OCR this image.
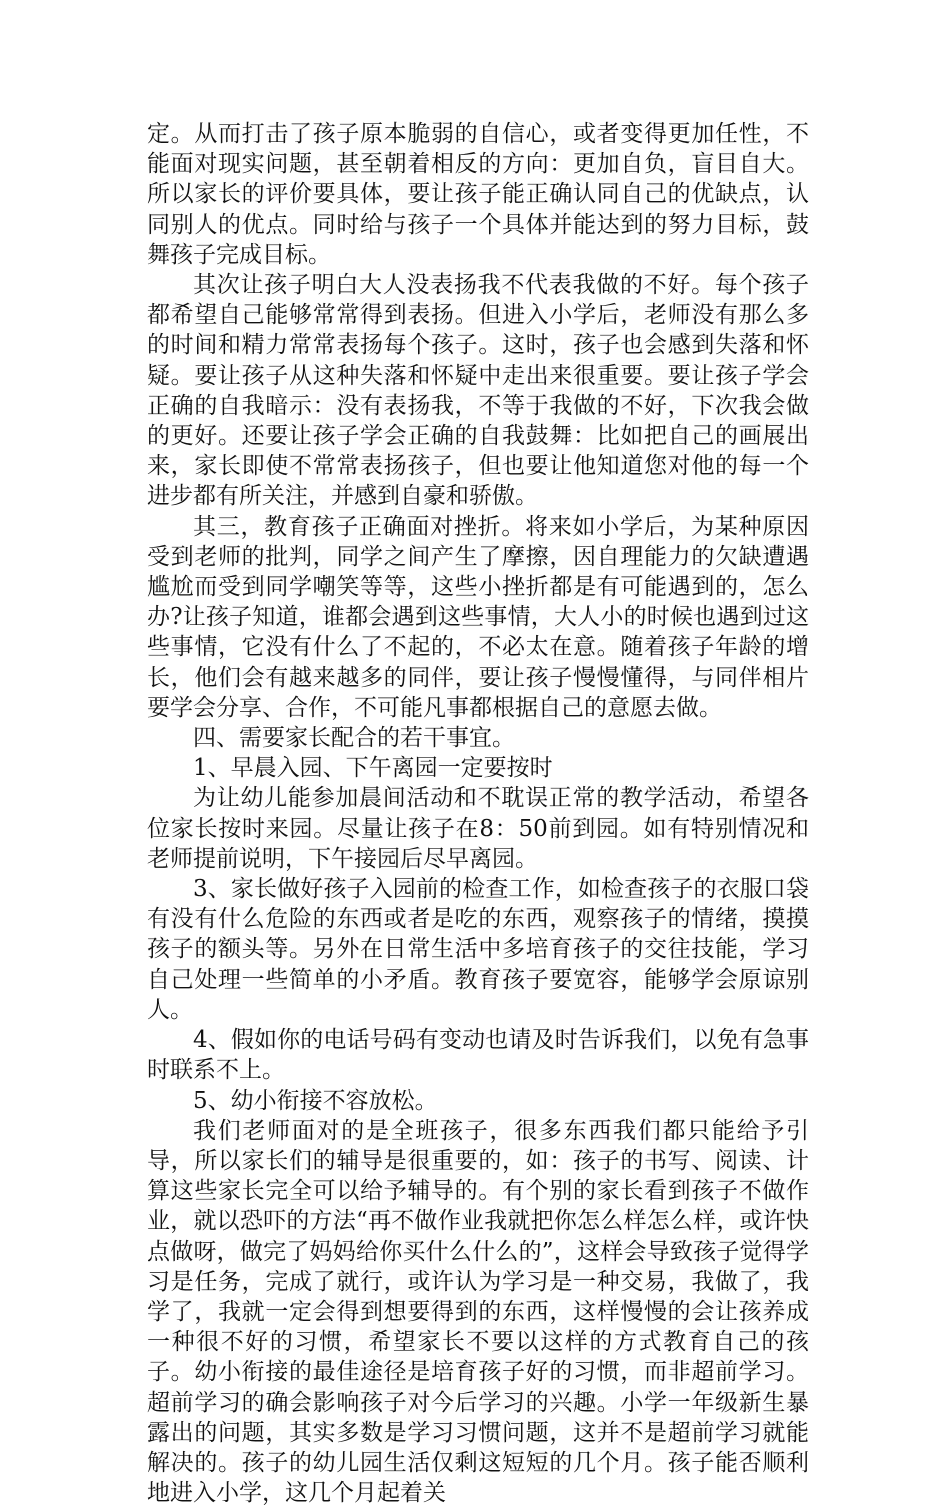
定。从而打击了孩子原本脆弱的自信心，或者变得更加任性，不能面对现实问题，甚至朝着相反的方向：更加自负，盲目自大。所以家长的评价要具体，要让孩子能正确认同自己的优缺点，认同别人的优点。同时给与孩子一个具体并能达到的努力目标，鼓舞孩子完成目标。

其次让孩子明白大人没表扬我不代表我做的不好。每个孩子都希望自己能够常常得到表扬。但进入小学后，老师没有那么多的时间和精力常常表扬每个孩子。这时，孩子也会感到失落和怀疑。要让孩子从这种失落和怀疑中走出来很重要。要让孩子学会正确的自我暗示：没有表扬我，不等于我做的不好，下次我会做的更好。还要让孩子学会正确的自我鼓舞：比如把自己的画展出来，家长即使不常常表扬孩子，但也要让他知道您对他的每一个进步都有所关注，并感到自豪和骄傲。

其三，教育孩子正确面对挫折。将来如小学后，为某种原因受到老师的批判，同学之间产生了摩擦，因自理能力的欠缺遭遇尴尬而受到同学嘲笑等等，这些小挫折都是有可能遇到的，怎么办?让孩子知道，谁都会遇到这些事情，大人小的时候也遇到过这些事情，它没有什么了不起的，不必太在意。随着孩子年龄的增长，他们会有越来越多的同伴，要让孩子慢慢懂得，与同伴相片要学会分享、合作，不可能凡事都根据自己的意愿去做。

四、需要家长配合的若干事宜。

1、早晨入园、下午离园一定要按时

为让幼儿能参加晨间活动和不耽误正常的教学活动，希望各位家长按时来园。尽量让孩子在8：50前到园。如有特别情况和老师提前说明，下午接园后尽早离园。

3、家长做好孩子入园前的检查工作，如检查孩子的衣服口袋有没有什么危险的东西或者是吃的东西，观察孩子的情绪，摸摸孩子的额头等。另外在日常生活中多培育孩子的交往技能，学习自己处理一些简单的小矛盾。教育孩子要宽容，能够学会原谅别人。

4、假如你的电话号码有变动也请及时告诉我们，以免有急事时联系不上。

5、幼小衔接不容放松。

我们老师面对的是全班孩子，很多东西我们都只能给予引导，所以家长们的辅导是很重要的，如：孩子的书写、阅读、计算这些家长完全可以给予辅导的。有个别的家长看到孩子不做作业，就以恐吓的方法“再不做作业我就把你怎么样怎么样，或许快点做呀，做完了妈妈给你买什么什么的”，这样会导致孩子觉得学习是任务，完成了就行，或许认为学习是一种交易，我做了，我学了，我就一定会得到想要得到的东西，这样慢慢的会让孩养成一种很不好的习惯，希望家长不要以这样的方式教育自己的孩子。幼小衔接的最佳途径是培育孩子好的习惯，而非超前学习。超前学习的确会影响孩子对今后学习的兴趣。小学一年级新生暴露出的问题，其实多数是学习习惯问题，这并不是超前学习就能解决的。孩子的幼儿园生活仅剩这短短的几个月。孩子能否顺利地进入小学，这几个月起着关
